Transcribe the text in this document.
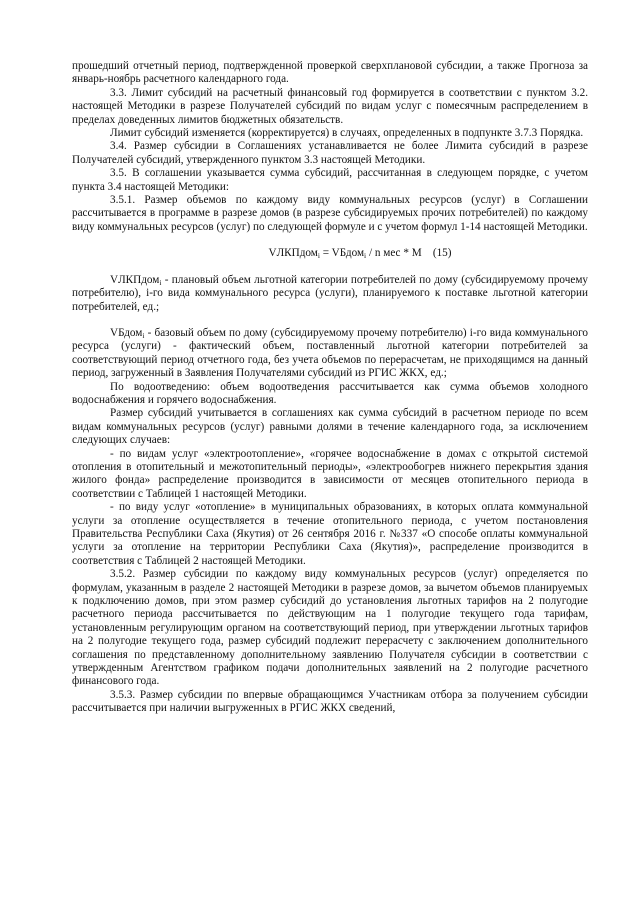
прошедший отчетный период, подтвержденной проверкой сверхплановой субсидии, а также Прогноза за январь-ноябрь расчетного календарного года.

3.3. Лимит субсидий на расчетный финансовый год формируется в соответствии с пунктом 3.2. настоящей Методики в разрезе Получателей субсидий по видам услуг с помесячным распределением в пределах доведенных лимитов бюджетных обязательств.

Лимит субсидий изменяется (корректируется) в случаях, определенных в подпункте 3.7.3 Порядка.

3.4. Размер субсидии в Соглашениях устанавливается не более Лимита субсидий в разрезе Получателей субсидий, утвержденного пунктом 3.3 настоящей Методики.

3.5. В соглашении указывается сумма субсидий, рассчитанная в следующем порядке, с учетом пункта 3.4 настоящей Методики:

3.5.1. Размер объемов по каждому виду коммунальных ресурсов (услуг) в Соглашении рассчитывается в программе в разрезе домов (в разрезе субсидируемых прочих потребителей) по каждому виду коммунальных ресурсов (услуг) по следующей формуле и с учетом формул 1-14 настоящей Методики.

VЛКПдом$_i$ = VБдом$_i$ / n мес * М (15)

VЛКПдом$_i$ - плановый объем льготной категории потребителей по дому (субсидируемому прочему потребителю), i-го вида коммунального ресурса (услуги), планируемого к поставке льготной категории потребителей, ед.;

VБдом$_i$ - базовый объем по дому (субсидируемому прочему потребителю) i-го вида коммунального ресурса (услуги) - фактический объем, поставленный льготной категории потребителей за соответствующий период отчетного года, без учета объемов по перерасчетам, не приходящимся на данный период, загруженный в Заявления Получателями субсидий из РГИС ЖКХ, ед.;

По водоотведению: объем водоотведения рассчитывается как сумма объемов холодного водоснабжения и горячего водоснабжения.

Размер субсидий учитывается в соглашениях как сумма субсидий в расчетном периоде по всем видам коммунальных ресурсов (услуг) равными долями в течение календарного года, за исключением следующих случаев:

- по видам услуг «электроотопление», «горячее водоснабжение в домах с открытой системой отопления в отопительный и межотопительный периоды», «электрообогрев нижнего перекрытия здания жилого фонда» распределение производится в зависимости от месяцев отопительного периода в соответствии с Таблицей 1 настоящей Методики.

- по виду услуг «отопление» в муниципальных образованиях, в которых оплата коммунальной услуги за отопление осуществляется в течение отопительного периода, с учетом постановления Правительства Республики Саха (Якутия) от 26 сентября 2016 г. №337 «О способе оплаты коммунальной услуги за отопление на территории Республики Саха (Якутия)», распределение производится в соответствия с Таблицей 2 настоящей Методики.

3.5.2. Размер субсидии по каждому виду коммунальных ресурсов (услуг) определяется по формулам, указанным в разделе 2 настоящей Методики в разрезе домов, за вычетом объемов планируемых к подключению домов, при этом размер субсидий до установления льготных тарифов на 2 полугодие расчетного периода рассчитывается по действующим на 1 полугодие текущего года тарифам, установленным регулирующим органом на соответствующий период, при утверждении льготных тарифов на 2 полугодие текущего года, размер субсидий подлежит перерасчету с заключением дополнительного соглашения по представленному дополнительному заявлению Получателя субсидии в соответствии с утвержденным Агентством графиком подачи дополнительных заявлений на 2 полугодие расчетного финансового года.

3.5.3. Размер субсидии по впервые обращающимся Участникам отбора за получением субсидии рассчитывается при наличии выгруженных в РГИС ЖКХ сведений,
